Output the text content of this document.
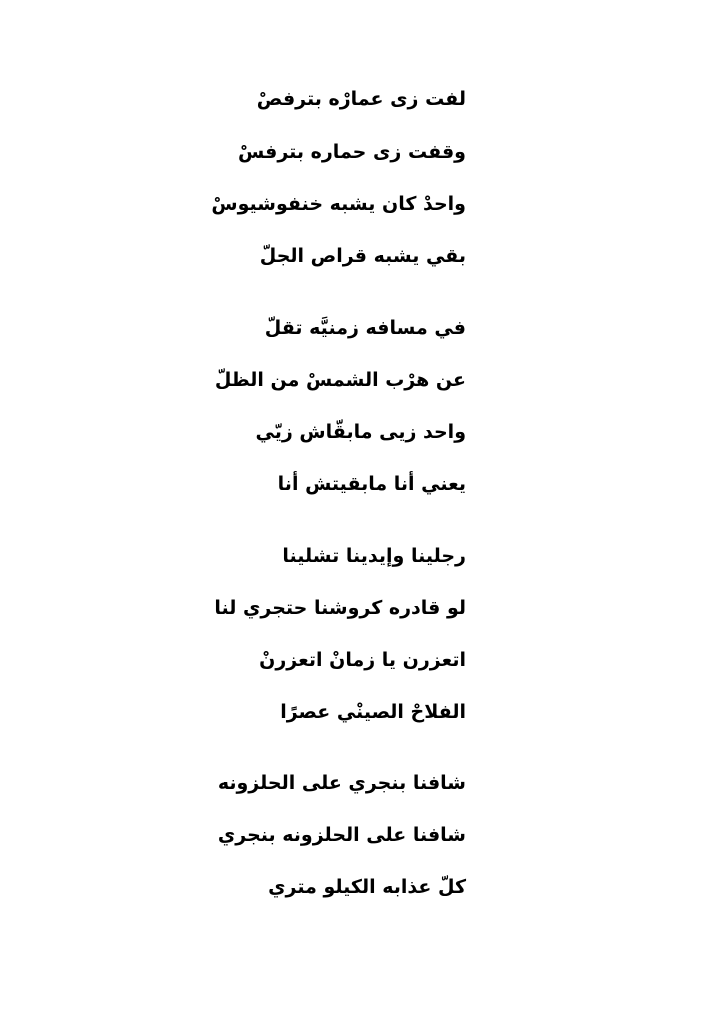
لفت زى عمارْه بترفصْ
وقفت زى حماره بترفسْ
واحدْ كان يشبه خنفوشيوسْ
بقي يشبه قراص الجلّ
في مسافه زمنيَّه تقلّ
عن هرْب الشمسْ من الظلّ
واحد زيى مابقّاش زيّي
يعني أنا مابقيتش أنا
رجلينا وإيدينا تشلينا
لو قادره كروشنا حتجري لنا
اتعزرن يا زمانْ اتعزرنْ
الفلاحْ الصينْي عصرًا
شافنا بنجري على الحلزونه
شافنا على الحلزونه بنجري
كلّ عذابه الكيلو متري
